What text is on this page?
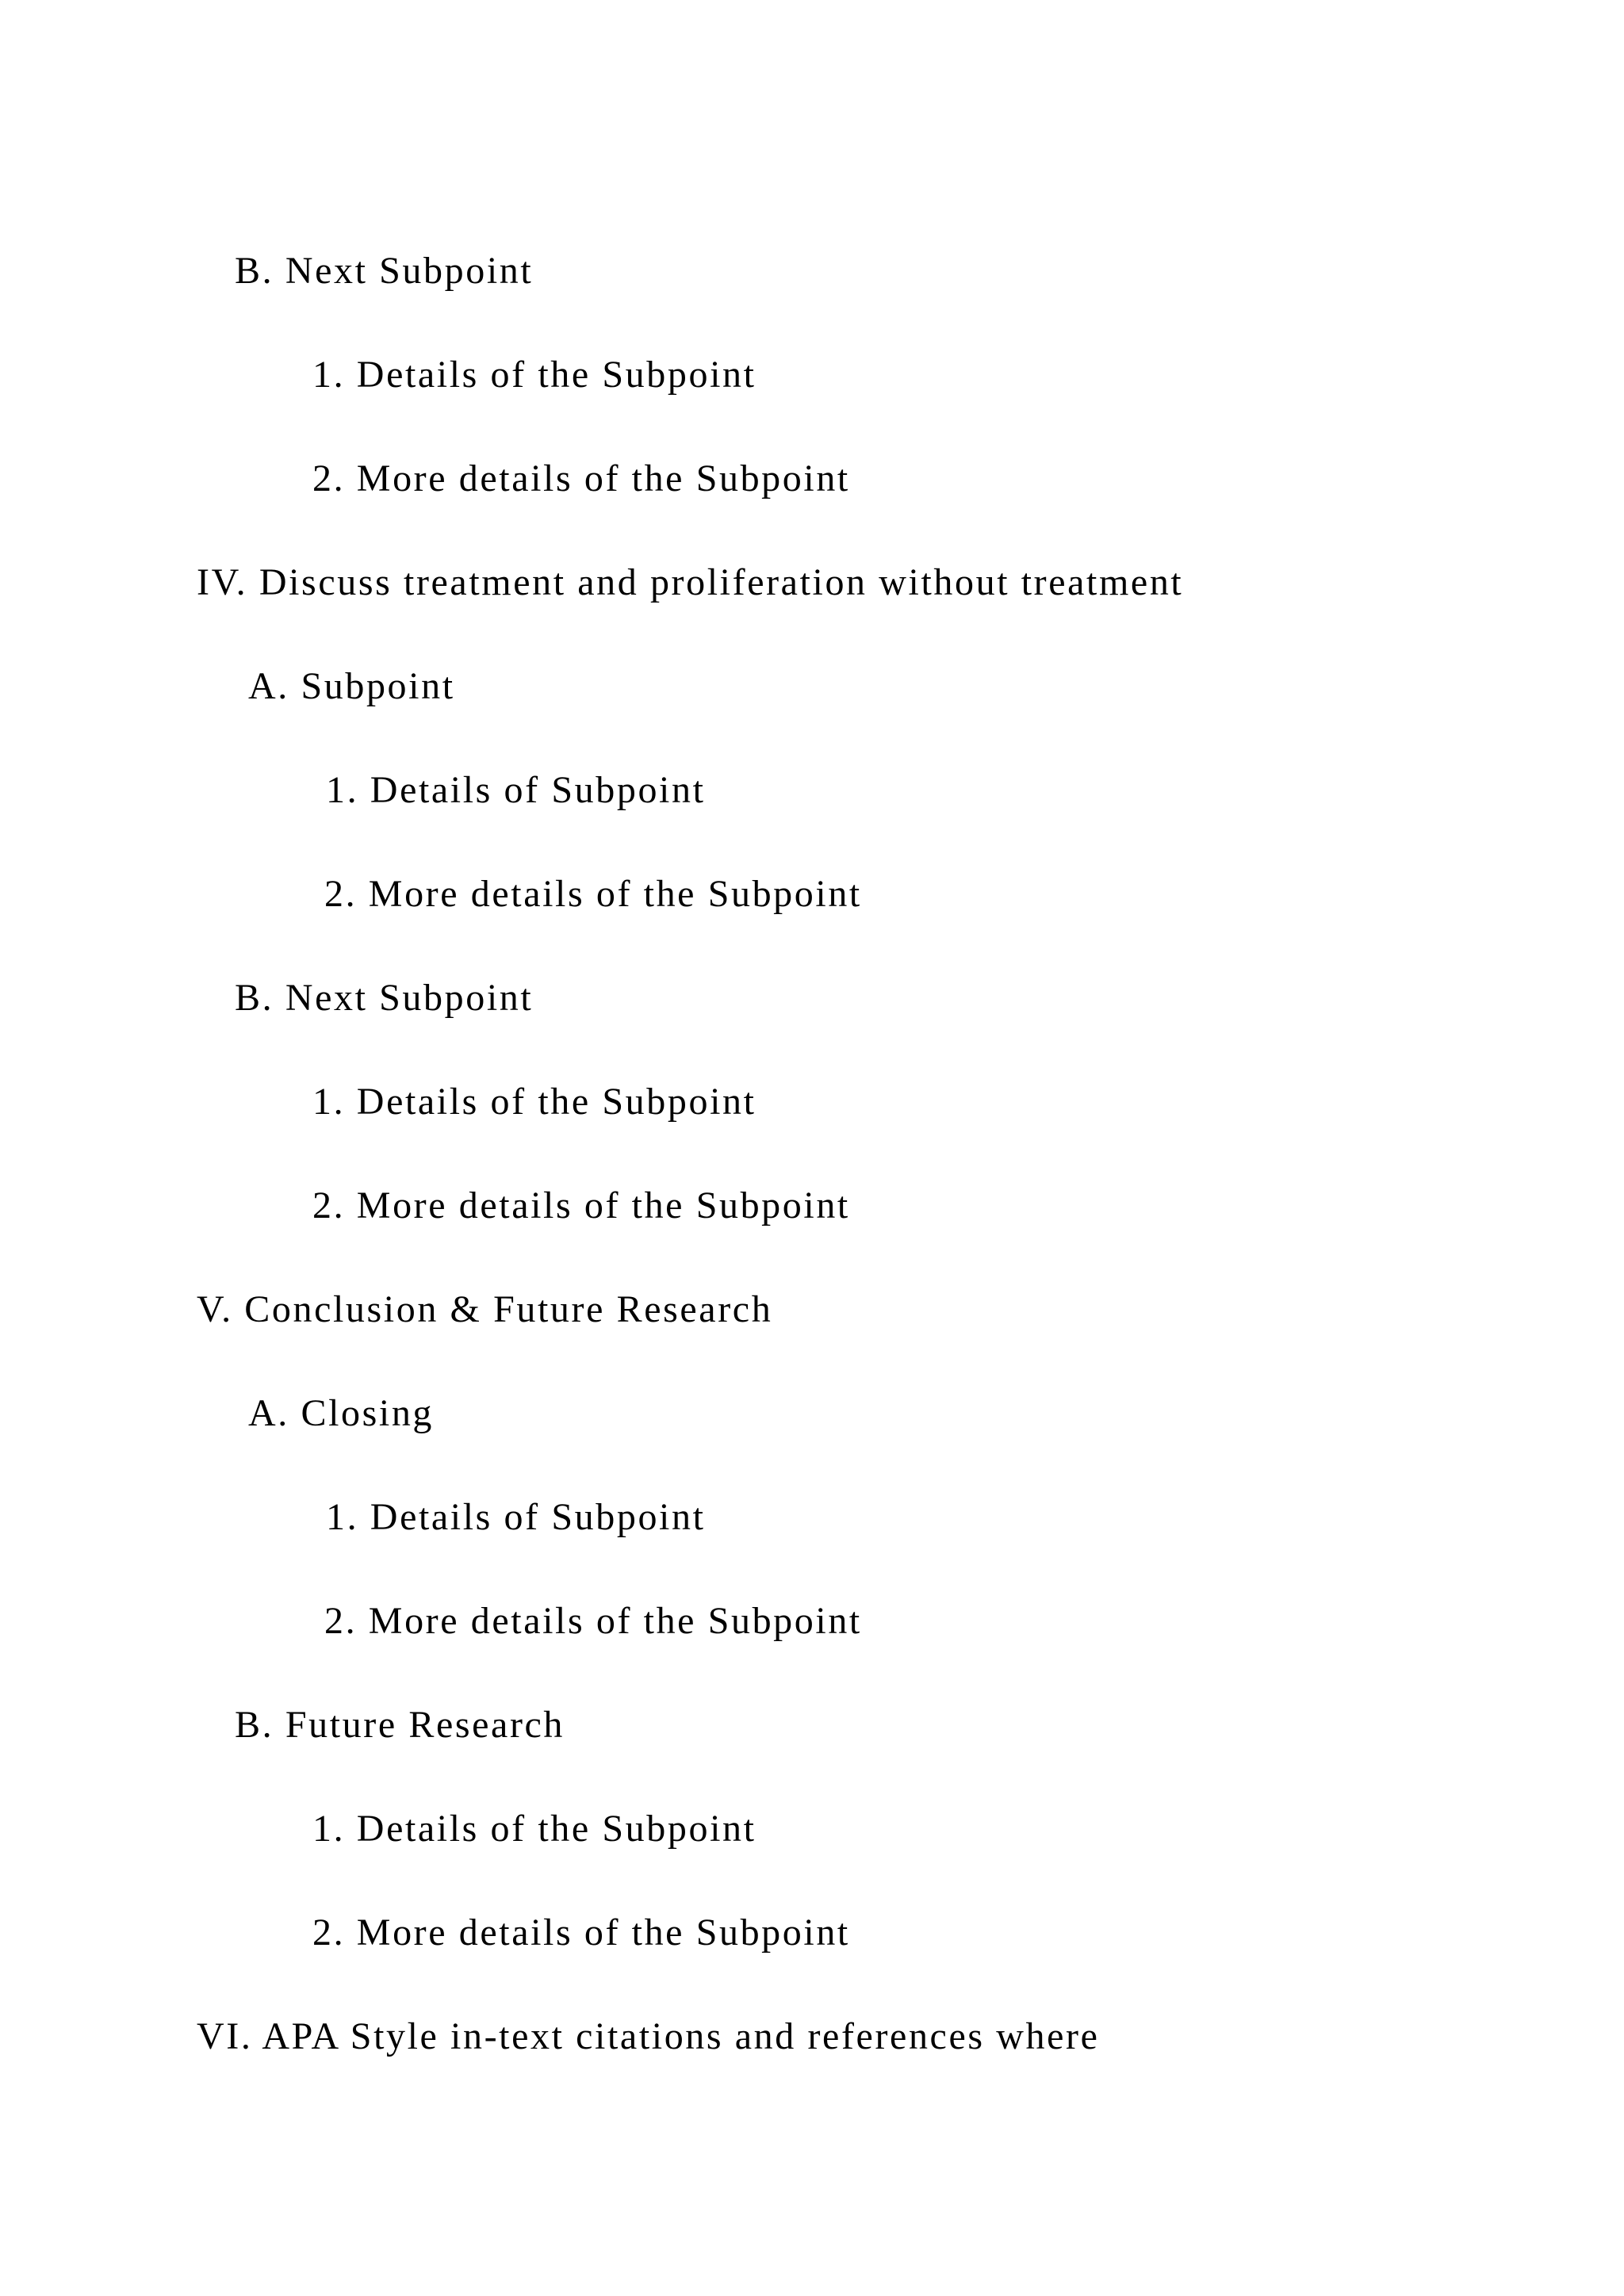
B. Next Subpoint

1. Details of the Subpoint

2. More details of the Subpoint

IV. Discuss treatment and proliferation without treatment

A. Subpoint

1. Details of Subpoint

2. More details of the Subpoint

B. Next Subpoint

1. Details of the Subpoint

2. More details of the Subpoint

V. Conclusion & Future Research

A. Closing

1. Details of Subpoint

2. More details of the Subpoint

B. Future Research

1. Details of the Subpoint

2. More details of the Subpoint

VI. APA Style in-text citations and references where
